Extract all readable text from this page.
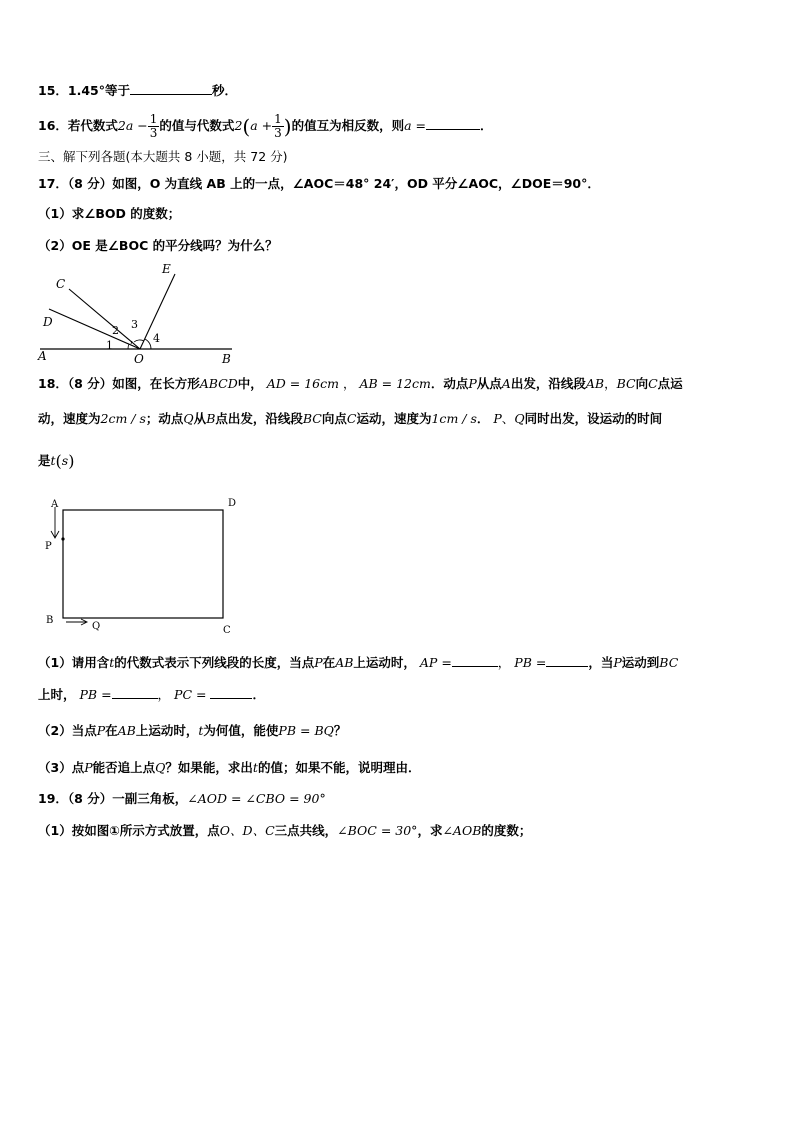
15．1.45°等于	秒．
16．若代数式$2a - \frac{1}{3}$ 的值与代数式$2(a + \frac{1}{3}$ )的值互为相反数，则a =	．
三、解下列各题(本大题共 8 小题，共 72 分)
17．（8 分）如图，O 为直线 AB 上的一点，∠AOC＝48° 24′，OD 平分∠AOC，∠DOE＝90°．
（1）求∠BOD 的度数；
（2）OE 是∠BOC 的平分线吗？为什么？
A	B
C
D
E
O
1
2 3
4
18．（8 分）如图，在长方形ABCD中， AD = 16cm ， AB = 12cm．动点P从点A出发，沿线段AB，BC向C点运
动，速度为2cm / s；动点Q从B点出发，沿线段BC向点C运动，速度为1cm / s． P、Q同时出发，设运动的时间
是t(s)
A	D
P
B
Q	C
（1）请用含t的代数式表示下列线段的长度，当点P在AB上运动时， AP =	， PB =	，当P运动到BC
上时， PB =	， PC =	．
（2）当点P在AB上运动时，t为何值，能使PB = BQ？
（3）点P能否追上点Q？如果能，求出t的值；如果不能，说明理由．
19．（8 分）一副三角板，∠AOD = ∠CBO = 90°
（1）按如图①所示方式放置，点O、D、C三点共线，∠BOC = 30°，求∠AOB的度数；
